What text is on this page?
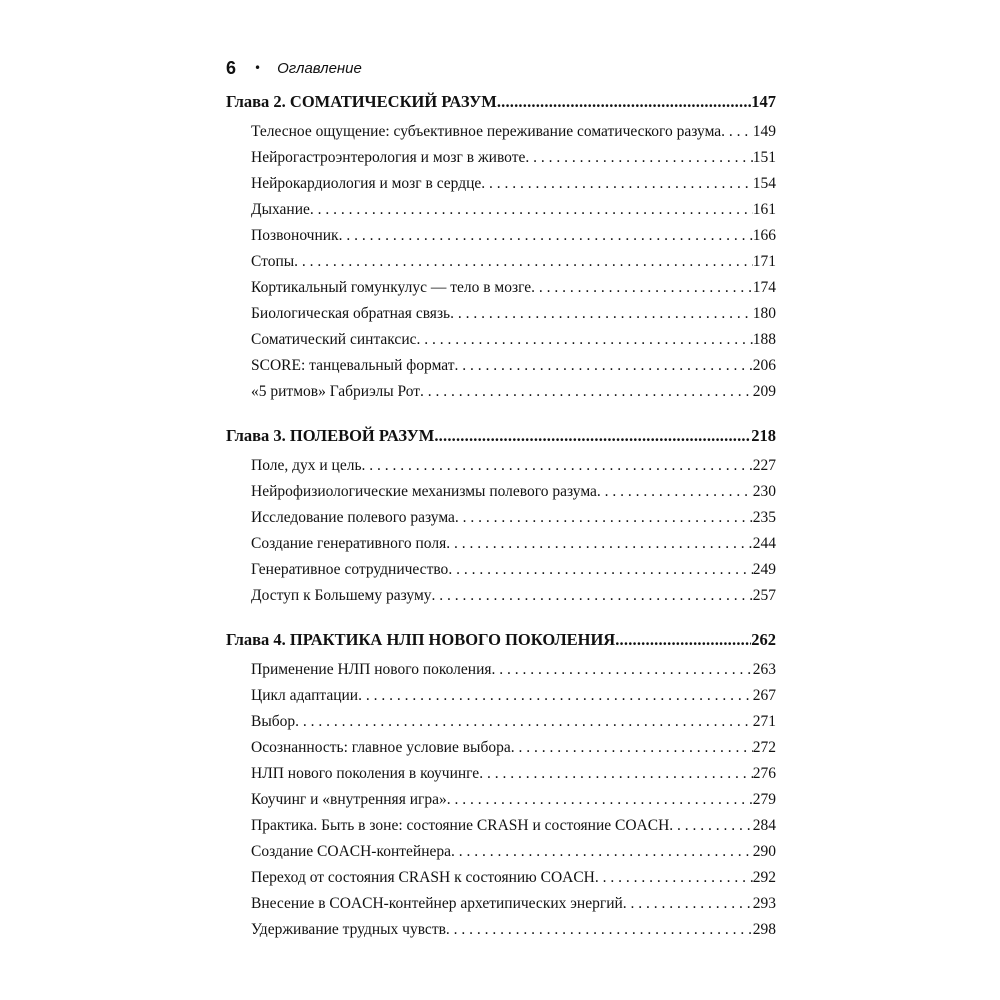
6 • Оглавление
Глава 2. СОМАТИЧЕСКИЙ РАЗУМ .....	147
Телесное ощущение: субъективное переживание соматического разума . . . 149
Нейрогастроэнтерология и мозг в животе . . .	151
Нейрокардиология и мозг в сердце . . .	154
Дыхание . . .	161
Позвоночник . . .	166
Стопы . . .	171
Кортикальный гомункулус — тело в мозге . . .	174
Биологическая обратная связь . . .	180
Соматический синтаксис . . .	188
SCORE: танцевальный формат . . .	206
«5 ритмов» Габриэлы Рот . . .	209
Глава 3. ПОЛЕВОЙ РАЗУМ .....	218
Поле, дух и цель . . .	227
Нейрофизиологические механизмы полевого разума . . .	230
Исследование полевого разума . . .	235
Создание генеративного поля . . .	244
Генеративное сотрудничество . . .	249
Доступ к Большему разуму . . .	257
Глава 4. ПРАКТИКА НЛП НОВОГО ПОКОЛЕНИЯ .....	262
Применение НЛП нового поколения . . .	263
Цикл адаптации . . .	267
Выбор . . .	271
Осознанность: главное условие выбора . . .	272
НЛП нового поколения в коучинге . . .	276
Коучинг и «внутренняя игра» . . .	279
Практика. Быть в зоне: состояние CRASH и состояние COACH . . .	284
Создание COACH-контейнера . . .	290
Переход от состояния CRASH к состоянию COACH . . .	292
Внесение в COACH-контейнер архетипических энергий . . .	293
Удерживание трудных чувств . . .	298
